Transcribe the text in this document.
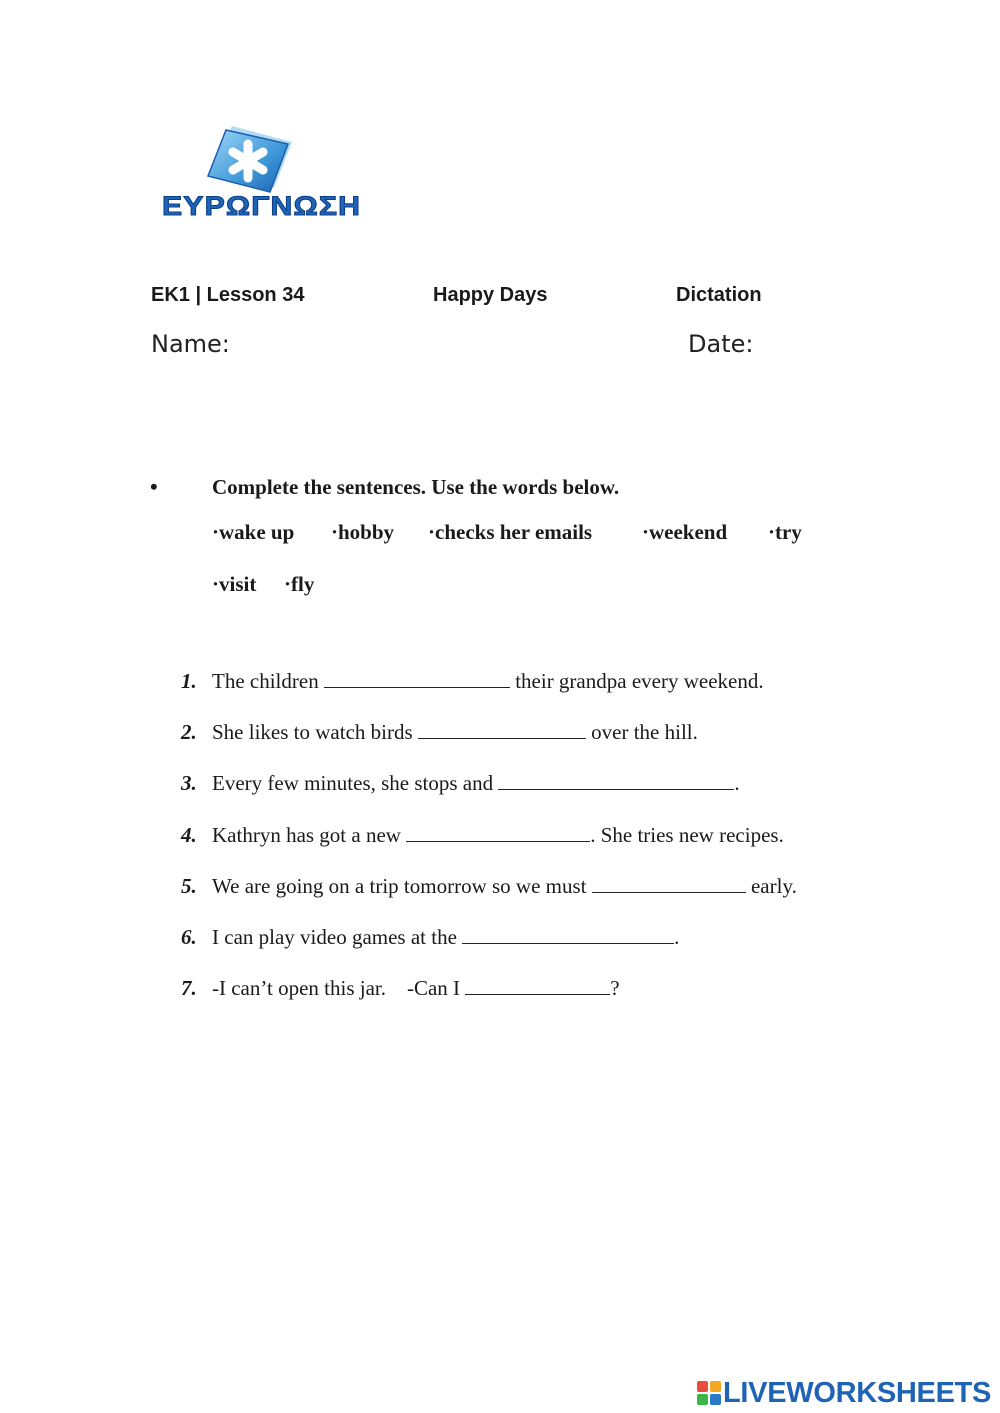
ΕΥΡΩΓΝΩΣΗ
EK1 | Lesson 34	Happy Days	Dictation
Name:	Date:
•	Complete the sentences. Use the words below.
·wake up ·hobby ·checks her emails ·weekend ·try
·visit ·fly
1. The children	their grandpa every weekend.
2. She likes to watch birds	over the hill.
3. Every few minutes, she stops and	.
4. Kathryn has got a new	. She tries new recipes.
5. We are going on a trip tomorrow so we must	early.
6. I can play video games at the	.
7. -I can’t open this jar.    -Can I	?
LIVEWORKSHEETS
